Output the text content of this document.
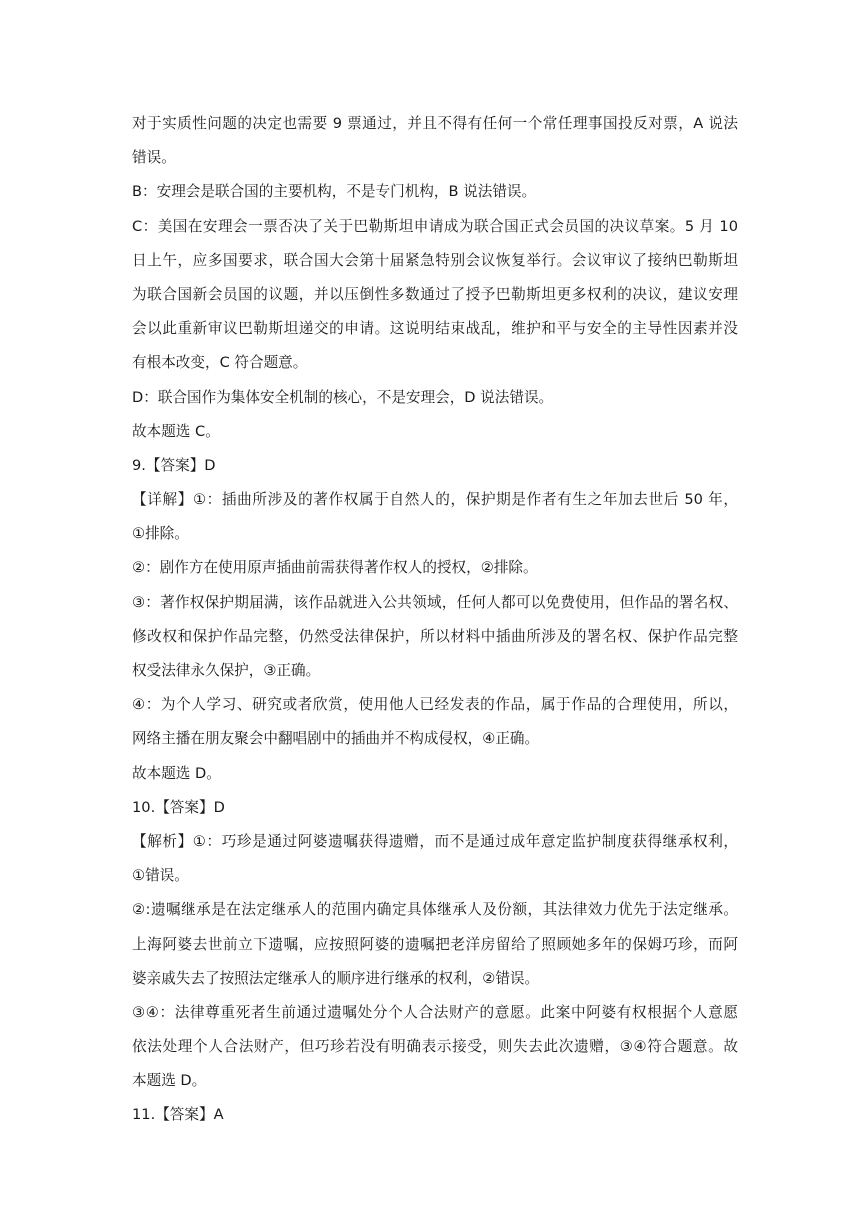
对于实质性问题的决定也需要 9 票通过，并且不得有任何一个常任理事国投反对票，A 说法
错误。
B：安理会是联合国的主要机构，不是专门机构，B 说法错误。
C：美国在安理会一票否决了关于巴勒斯坦申请成为联合国正式会员国的决议草案。5 月 10
日上午，应多国要求，联合国大会第十届紧急特别会议恢复举行。会议审议了接纳巴勒斯坦
为联合国新会员国的议题，并以压倒性多数通过了授予巴勒斯坦更多权利的决议，建议安理
会以此重新审议巴勒斯坦递交的申请。这说明结束战乱，维护和平与安全的主导性因素并没
有根本改变，C 符合题意。
D：联合国作为集体安全机制的核心，不是安理会，D 说法错误。
故本题选 C。
9.【答案】D
【详解】①：插曲所涉及的著作权属于自然人的，保护期是作者有生之年加去世后 50 年，
①排除。
②：剧作方在使用原声插曲前需获得著作权人的授权，②排除。
③：著作权保护期届满，该作品就进入公共领域，任何人都可以免费使用，但作品的署名权、
修改权和保护作品完整，仍然受法律保护，所以材料中插曲所涉及的署名权、保护作品完整
权受法律永久保护，③正确。
④：为个人学习、研究或者欣赏，使用他人已经发表的作品，属于作品的合理使用，所以，
网络主播在朋友聚会中翻唱剧中的插曲并不构成侵权，④正确。
故本题选 D。
10.【答案】D
【解析】①：巧珍是通过阿婆遗嘱获得遗赠，而不是通过成年意定监护制度获得继承权利，
①错误。
②:遗嘱继承是在法定继承人的范围内确定具体继承人及份额，其法律效力优先于法定继承。
上海阿婆去世前立下遗嘱，应按照阿婆的遗嘱把老洋房留给了照顾她多年的保姆巧珍，而阿
婆亲戚失去了按照法定继承人的顺序进行继承的权利，②错误。
③④：法律尊重死者生前通过遗嘱处分个人合法财产的意愿。此案中阿婆有权根据个人意愿
依法处理个人合法财产，但巧珍若没有明确表示接受，则失去此次遗赠，③④符合题意。故
本题选 D。
11.【答案】A
